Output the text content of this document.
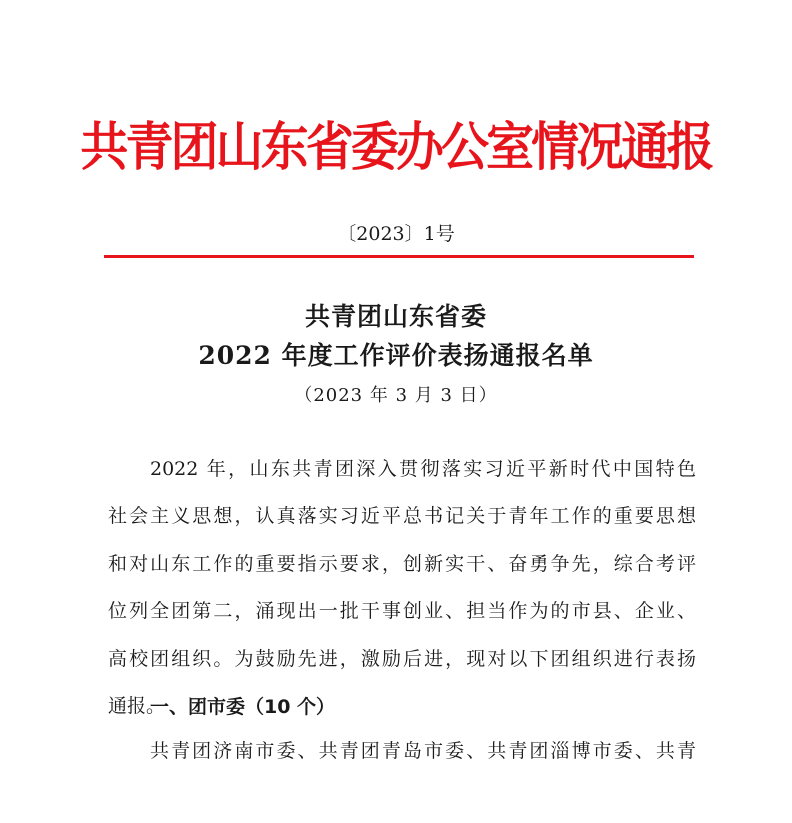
共青团山东省委办公室情况通报
〔2023〕1号
共青团山东省委
2022 年度工作评价表扬通报名单
（2023 年 3 月 3 日）
2022 年，山东共青团深入贯彻落实习近平新时代中国特色
社会主义思想，认真落实习近平总书记关于青年工作的重要思想
和对山东工作的重要指示要求，创新实干、奋勇争先，综合考评
位列全团第二，涌现出一批干事创业、担当作为的市县、企业、
高校团组织。为鼓励先进，激励后进，现对以下团组织进行表扬
通报。
一、团市委（10 个）
共青团济南市委、共青团青岛市委、共青团淄博市委、共青
